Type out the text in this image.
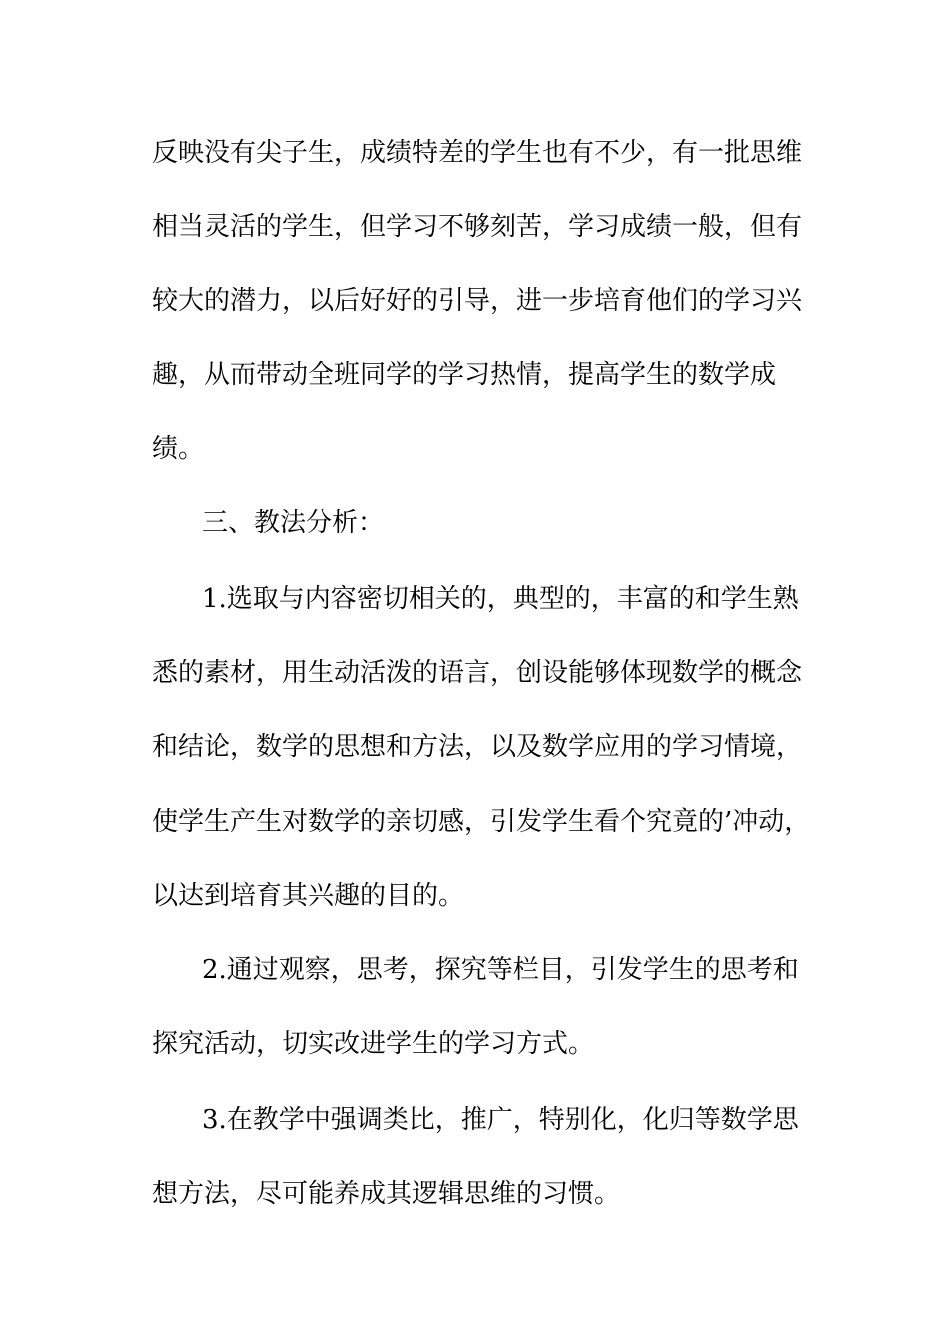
反映没有尖子生，成绩特差的学生也有不少，有一批思维
相当灵活的学生，但学习不够刻苦，学习成绩一般，但有
较大的潜力，以后好好的引导，进一步培育他们的学习兴
趣，从而带动全班同学的学习热情，提高学生的数学成
绩。
三、教法分析：
1.选取与内容密切相关的，典型的，丰富的和学生熟
悉的素材，用生动活泼的语言，创设能够体现数学的概念
和结论，数学的思想和方法，以及数学应用的学习情境，
使学生产生对数学的亲切感，引发学生看个究竟的’冲动，
以达到培育其兴趣的目的。
2.通过观察，思考，探究等栏目，引发学生的思考和
探究活动，切实改进学生的学习方式。
3.在教学中强调类比，推广，特别化，化归等数学思
想方法，尽可能养成其逻辑思维的习惯。
